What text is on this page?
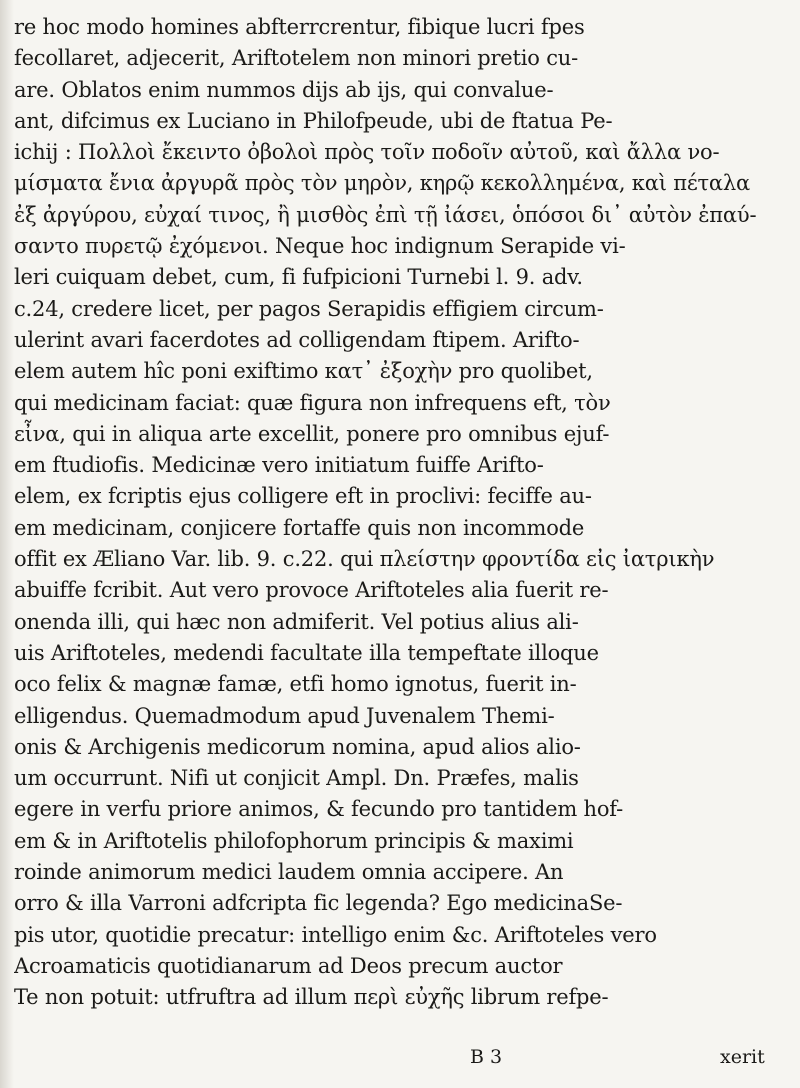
re hoc modo homines abfterrcrentur, fibique lucri fpes
fecollaret, adjecerit, Ariftotelem non minori pretio cu-
are. Oblatos enim nummos dijs ab ijs, qui convalue-
ant, difcimus ex Luciano in Philofpeude, ubi de ftatua Pe-
ichij : Πολλοὶ ἔκειντο ὀβολοὶ πρὸς τοῖν ποδοῖν αὐτοῦ, καὶ ἄλλα νο-
μίσματα ἔνια ἀργυρᾶ πρὸς τὸν μηρὸν, κηρῷ κεκολλημένα, καὶ πέταλα
ἐξ ἀργύρου, εὐχαί τινος, ἢ μισθὸς ἐπὶ τῇ ἰάσει, ὁπόσοι δι᾽ αὐτὸν ἐπαύ-
σαντο πυρετῷ ἐχόμενοι. Neque hoc indignum Serapide vi-
leri cuiquam debet, cum, fi fufpicioni Turnebi l. 9. adv.
c.24, credere licet, per pagos Serapidis effigiem circum-
ulerint avari facerdotes ad colligendam ftipem. Arifto-
elem autem hîc poni exiftimo κατ᾽ ἐξοχὴν pro quolibet,
qui medicinam faciat: quæ figura non infrequens eft, τὸν
εἶνα, qui in aliqua arte excellit, ponere pro omnibus ejuf-
em ftudiofis. Medicinæ vero initiatum fuiffe Arifto-
elem, ex fcriptis ejus colligere eft in proclivi: feciffe au-
em medicinam, conjicere fortaffe quis non incommode
offit ex Æliano Var. lib. 9. c.22. qui πλείστην φροντίδα εἰς ἰατρικὴν
abuiffe fcribit. Aut vero provoce Ariftoteles alia fuerit re-
onenda illi, qui hæc non admiferit. Vel potius alius ali-
uis Ariftoteles, medendi facultate illa tempeftate illoque
oco felix & magnæ famæ, etfi homo ignotus, fuerit in-
elligendus. Quemadmodum apud Juvenalem Themi-
onis & Archigenis medicorum nomina, apud alios alio-
um occurrunt. Nifi ut conjicit Ampl. Dn. Præfes, malis
egere in verfu priore animos, & fecundo pro tantidem hof-
em & in Ariftotelis philofophorum principis & maximi
roinde animorum medici laudem omnia accipere. An
orro & illa Varroni adfcripta fic legenda? Ego medicinaSe-
pis utor, quotidie precatur: intelligo enim &c. Ariftoteles vero
Acroamaticis quotidianarum ad Deos precum auctor
Te non potuit: utfruftra ad illum περὶ εὐχῆς librum refpe-
B 3	xerit
